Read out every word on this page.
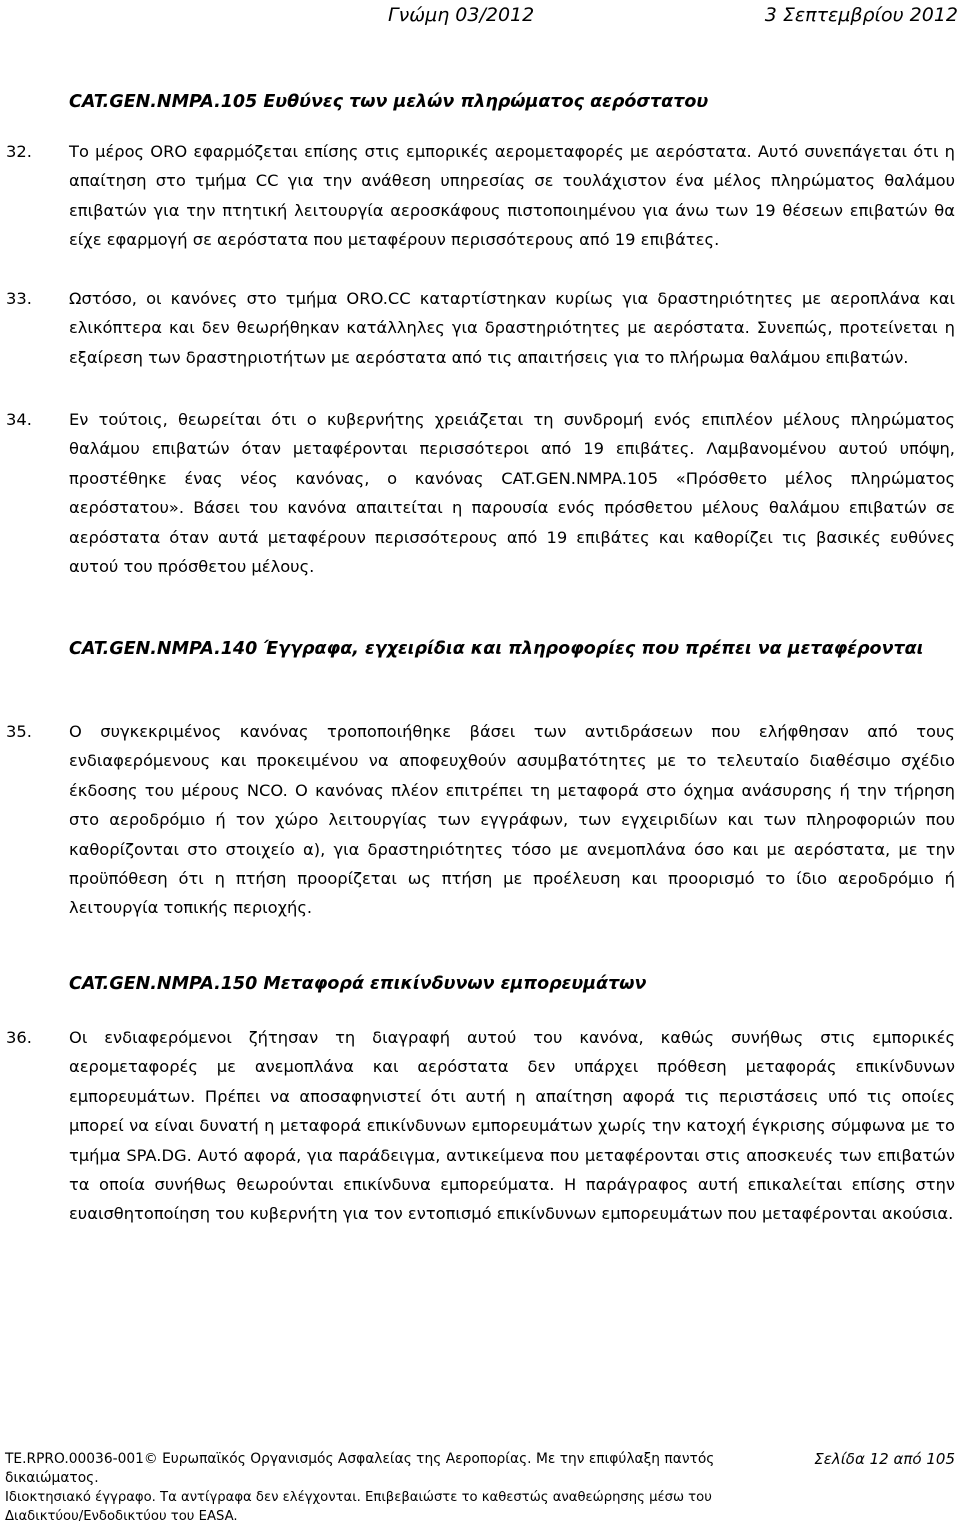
Γνώμη 03/2012	3 Σεπτεμβρίου 2012
CAT.GEN.NMPA.105 Ευθύνες των μελών πληρώματος αερόστατου
32. Το μέρος ORO εφαρμόζεται επίσης στις εμπορικές αερομεταφορές με αερόστατα. Αυτό συνεπάγεται ότι η απαίτηση στο τμήμα CC για την ανάθεση υπηρεσίας σε τουλάχιστον ένα μέλος πληρώματος θαλάμου επιβατών για την πτητική λειτουργία αεροσκάφους πιστοποιημένου για άνω των 19 θέσεων επιβατών θα είχε εφαρμογή σε αερόστατα που μεταφέρουν περισσότερους από 19 επιβάτες.
33. Ωστόσο, οι κανόνες στο τμήμα ORO.CC καταρτίστηκαν κυρίως για δραστηριότητες με αεροπλάνα και ελικόπτερα και δεν θεωρήθηκαν κατάλληλες για δραστηριότητες με αερόστατα. Συνεπώς, προτείνεται η εξαίρεση των δραστηριοτήτων με αερόστατα από τις απαιτήσεις για το πλήρωμα θαλάμου επιβατών.
34. Εν τούτοις, θεωρείται ότι ο κυβερνήτης χρειάζεται τη συνδρομή ενός επιπλέον μέλους πληρώματος θαλάμου επιβατών όταν μεταφέρονται περισσότεροι από 19 επιβάτες. Λαμβανομένου αυτού υπόψη, προστέθηκε ένας νέος κανόνας, ο κανόνας CAT.GEN.NMPA.105 «Πρόσθετο μέλος πληρώματος αερόστατου». Βάσει του κανόνα απαιτείται η παρουσία ενός πρόσθετου μέλους θαλάμου επιβατών σε αερόστατα όταν αυτά μεταφέρουν περισσότερους από 19 επιβάτες και καθορίζει τις βασικές ευθύνες αυτού του πρόσθετου μέλους.
CAT.GEN.NMPA.140 Έγγραφα, εγχειρίδια και πληροφορίες που πρέπει να μεταφέρονται
35. Ο συγκεκριμένος κανόνας τροποποιήθηκε βάσει των αντιδράσεων που ελήφθησαν από τους ενδιαφερόμενους και προκειμένου να αποφευχθούν ασυμβατότητες με το τελευταίο διαθέσιμο σχέδιο έκδοσης του μέρους NCO. Ο κανόνας πλέον επιτρέπει τη μεταφορά στο όχημα ανάσυρσης ή την τήρηση στο αεροδρόμιο ή τον χώρο λειτουργίας των εγγράφων, των εγχειριδίων και των πληροφοριών που καθορίζονται στο στοιχείο α), για δραστηριότητες τόσο με ανεμοπλάνα όσο και με αερόστατα, με την προϋπόθεση ότι η πτήση προορίζεται ως πτήση με προέλευση και προορισμό το ίδιο αεροδρόμιο ή λειτουργία τοπικής περιοχής.
CAT.GEN.NMPA.150 Μεταφορά επικίνδυνων εμπορευμάτων
36. Οι ενδιαφερόμενοι ζήτησαν τη διαγραφή αυτού του κανόνα, καθώς συνήθως στις εμπορικές αερομεταφορές με ανεμοπλάνα και αερόστατα δεν υπάρχει πρόθεση μεταφοράς επικίνδυνων εμπορευμάτων. Πρέπει να αποσαφηνιστεί ότι αυτή η απαίτηση αφορά τις περιστάσεις υπό τις οποίες μπορεί να είναι δυνατή η μεταφορά επικίνδυνων εμπορευμάτων χωρίς την κατοχή έγκρισης σύμφωνα με το τμήμα SPA.DG. Αυτό αφορά, για παράδειγμα, αντικείμενα που μεταφέρονται στις αποσκευές των επιβατών τα οποία συνήθως θεωρούνται επικίνδυνα εμπορεύματα. Η παράγραφος αυτή επικαλείται επίσης στην ευαισθητοποίηση του κυβερνήτη για τον εντοπισμό επικίνδυνων εμπορευμάτων που μεταφέρονται ακούσια.
TE.RPRO.00036-001© Ευρωπαϊκός Οργανισμός Ασφαλείας της Αεροπορίας. Με την επιφύλαξη παντός δικαιώματος.
Σελίδα 12 από 105
Ιδιοκτησιακό έγγραφο. Τα αντίγραφα δεν ελέγχονται. Επιβεβαιώστε το καθεστώς αναθεώρησης μέσω του Διαδικτύου/Ενδοδικτύου του EASA.
